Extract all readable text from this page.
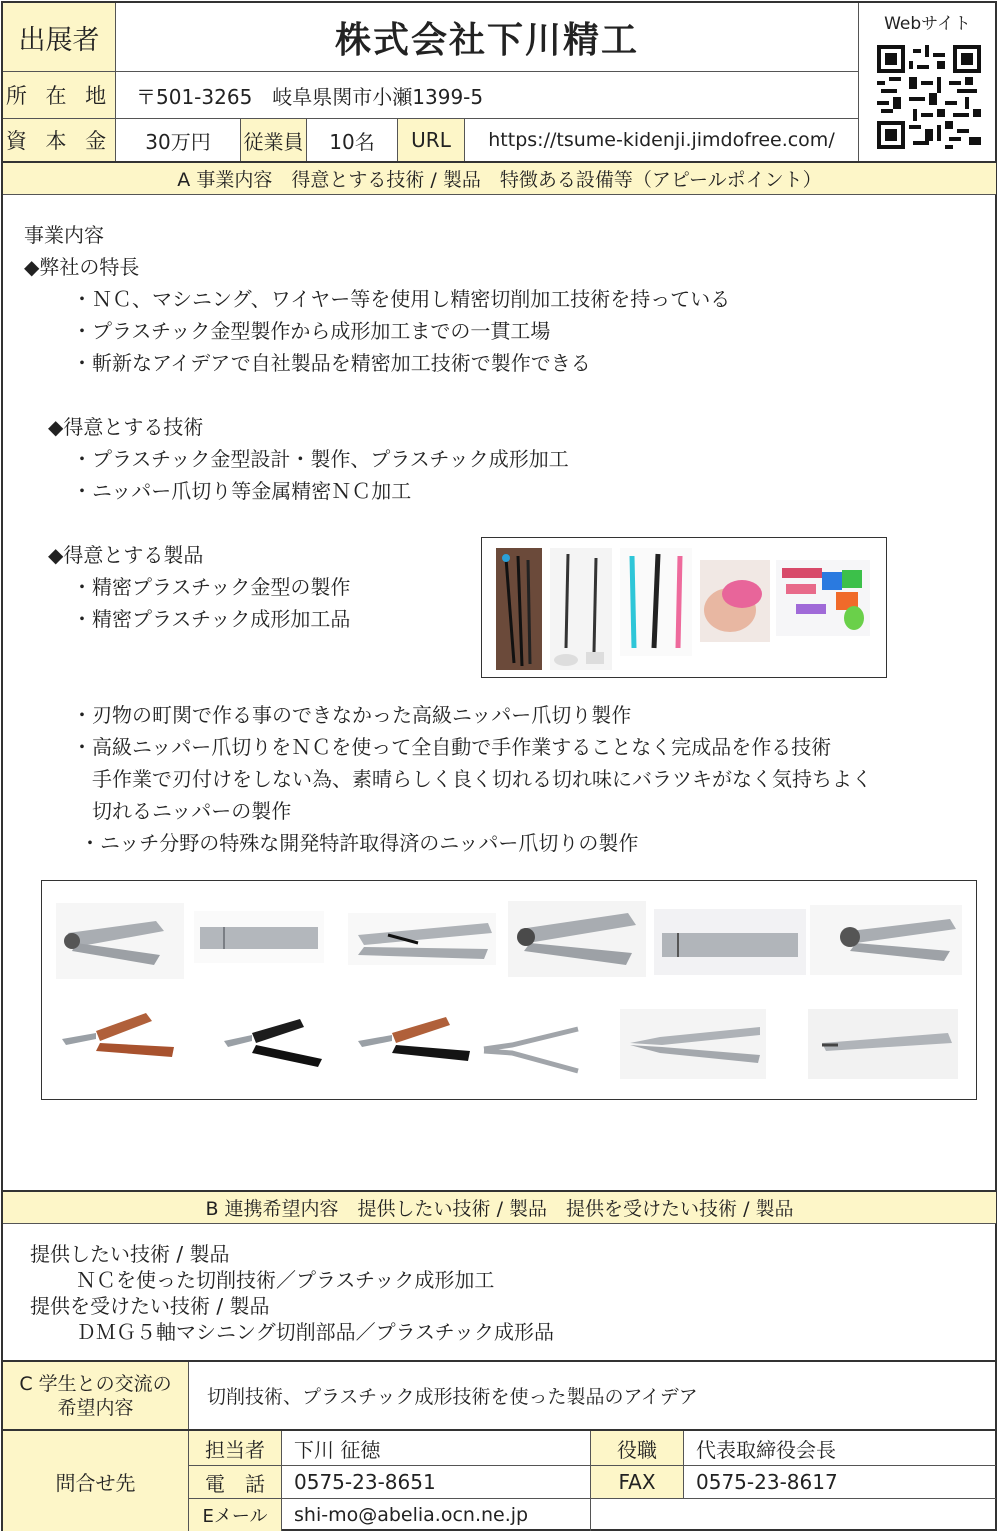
出展者	株式会社下川精工
所 在 地 〒501-3265　岐阜県関市小瀬1399-5
資 本 金 30万円 従業員 10名 URL https://tsume-kidenji.jimdofree.com/
Webサイト
A 事業内容　得意とする技術 / 製品　特徴ある設備等（アピールポイント）
事業内容
◆弊社の特長
・ＮＣ、マシニング、ワイヤー等を使用し精密切削加工技術を持っている
・プラスチック金型製作から成形加工までの一貫工場
・斬新なアイデアで自社製品を精密加工技術で製作できる
◆得意とする技術
・プラスチック金型設計・製作、プラスチック成形加工
・ニッパー爪切り等金属精密ＮＣ加工
◆得意とする製品
・精密プラスチック金型の製作
・精密プラスチック成形加工品
・刃物の町関で作る事のできなかった高級ニッパー爪切り製作
・高級ニッパー爪切りをＮＣを使って全自動で手作業することなく完成品を作る技術
　手作業で刃付けをしない為、素晴らしく良く切れる切れ味にバラツキがなく気持ちよく
　切れるニッパーの製作
・ニッチ分野の特殊な開発特許取得済のニッパー爪切りの製作
B 連携希望内容　提供したい技術 / 製品　提供を受けたい技術 / 製品
提供したい技術 / 製品
ＮＣを使った切削技術／プラスチック成形加工
提供を受けたい技術 / 製品
ＤＭＧ５軸マシニング切削部品／プラスチック成形品
C 学生との交流の
希望内容	切削技術、プラスチック成形技術を使った製品のアイデア
問合せ先
担当者 下川 征徳	役職 代表取締役会長
電　話 0575-23-8651	FAX 0575-23-8617
Eメール shi-mo@abelia.ocn.ne.jp
